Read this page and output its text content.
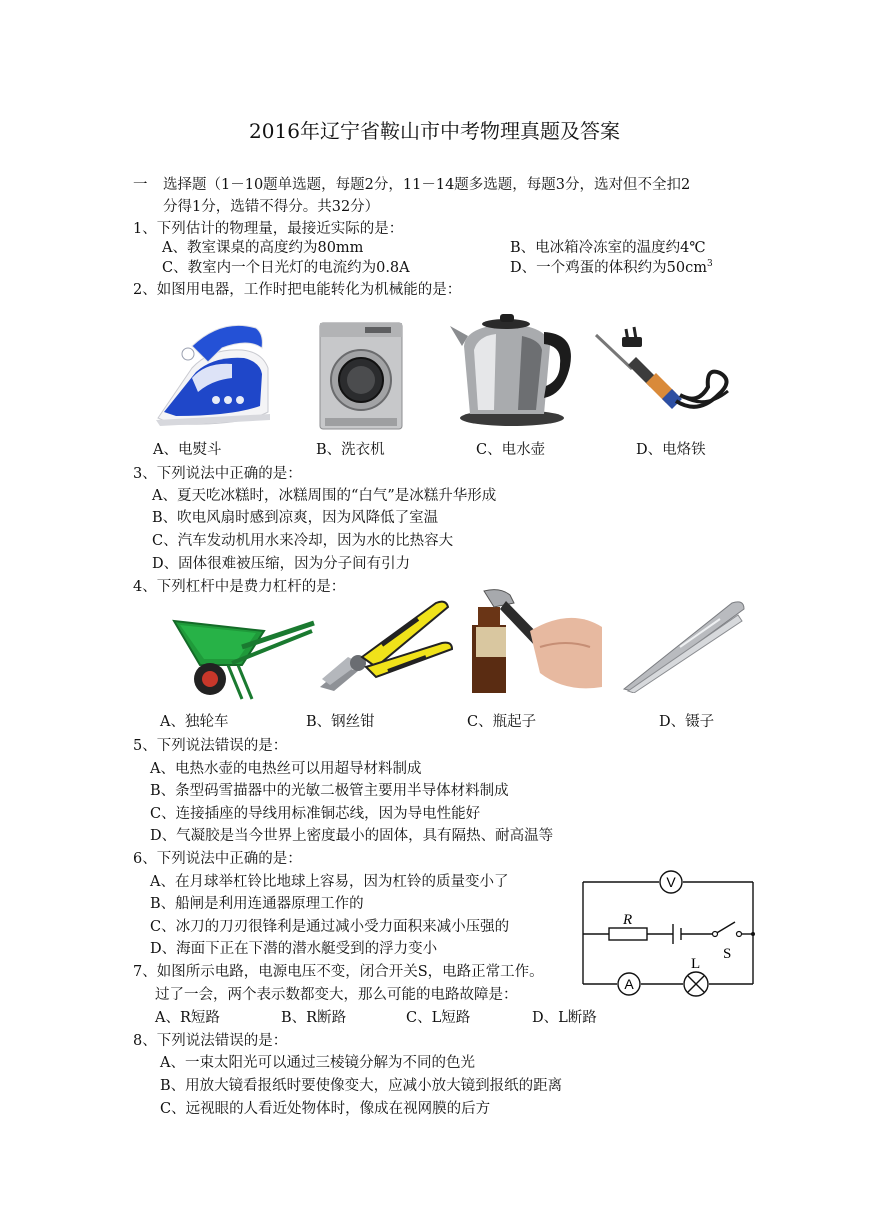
2016年辽宁省鞍山市中考物理真题及答案
一 选择题（1－10题单选题，每题2分，11－14题多选题，每题3分，选对但不全扣2
分得1分，选错不得分。共32分）
1、下列估计的物理量，最接近实际的是：
A、教室课桌的高度约为80mm	B、电冰箱冷冻室的温度约4℃
C、教室内一个日光灯的电流约为0.8A	D、一个鸡蛋的体积约为$50cm^3$
2、如图用电器，工作时把电能转化为机械能的是：
A、电熨斗	B、洗衣机	C、电水壶	D、电烙铁
3、下列说法中正确的是：
A、夏天吃冰糕时，冰糕周围的“白气”是冰糕升华形成
B、吹电风扇时感到凉爽，因为风降低了室温
C、汽车发动机用水来冷却，因为水的比热容大
D、固体很难被压缩，因为分子间有引力
4、下列杠杆中是费力杠杆的是：
A、独轮车	B、钢丝钳	C、瓶起子	D、镊子
5、下列说法错误的是：
A、电热水壶的电热丝可以用超导材料制成
B、条型码雪描器中的光敏二极管主要用半导体材料制成
C、连接插座的导线用标准铜芯线，因为导电性能好
D、气凝胶是当今世界上密度最小的固体，具有隔热、耐高温等
6、下列说法中正确的是：
A、在月球举杠铃比地球上容易，因为杠铃的质量变小了
B、船闸是利用连通器原理工作的
C、冰刀的刀刃很锋利是通过减小受力面积来减小压强的
D、海面下正在下潜的潜水艇受到的浮力变小
V
A
R
L
S
7、如图所示电路，电源电压不变，闭合开关S，电路正常工作。
过了一会，两个表示数都变大，那么可能的电路故障是：
A、R短路	B、R断路	C、L短路	D、L断路
8、下列说法错误的是：
A、一束太阳光可以通过三棱镜分解为不同的色光
B、用放大镜看报纸时要使像变大，应减小放大镜到报纸的距离
C、远视眼的人看近处物体时，像成在视网膜的后方
